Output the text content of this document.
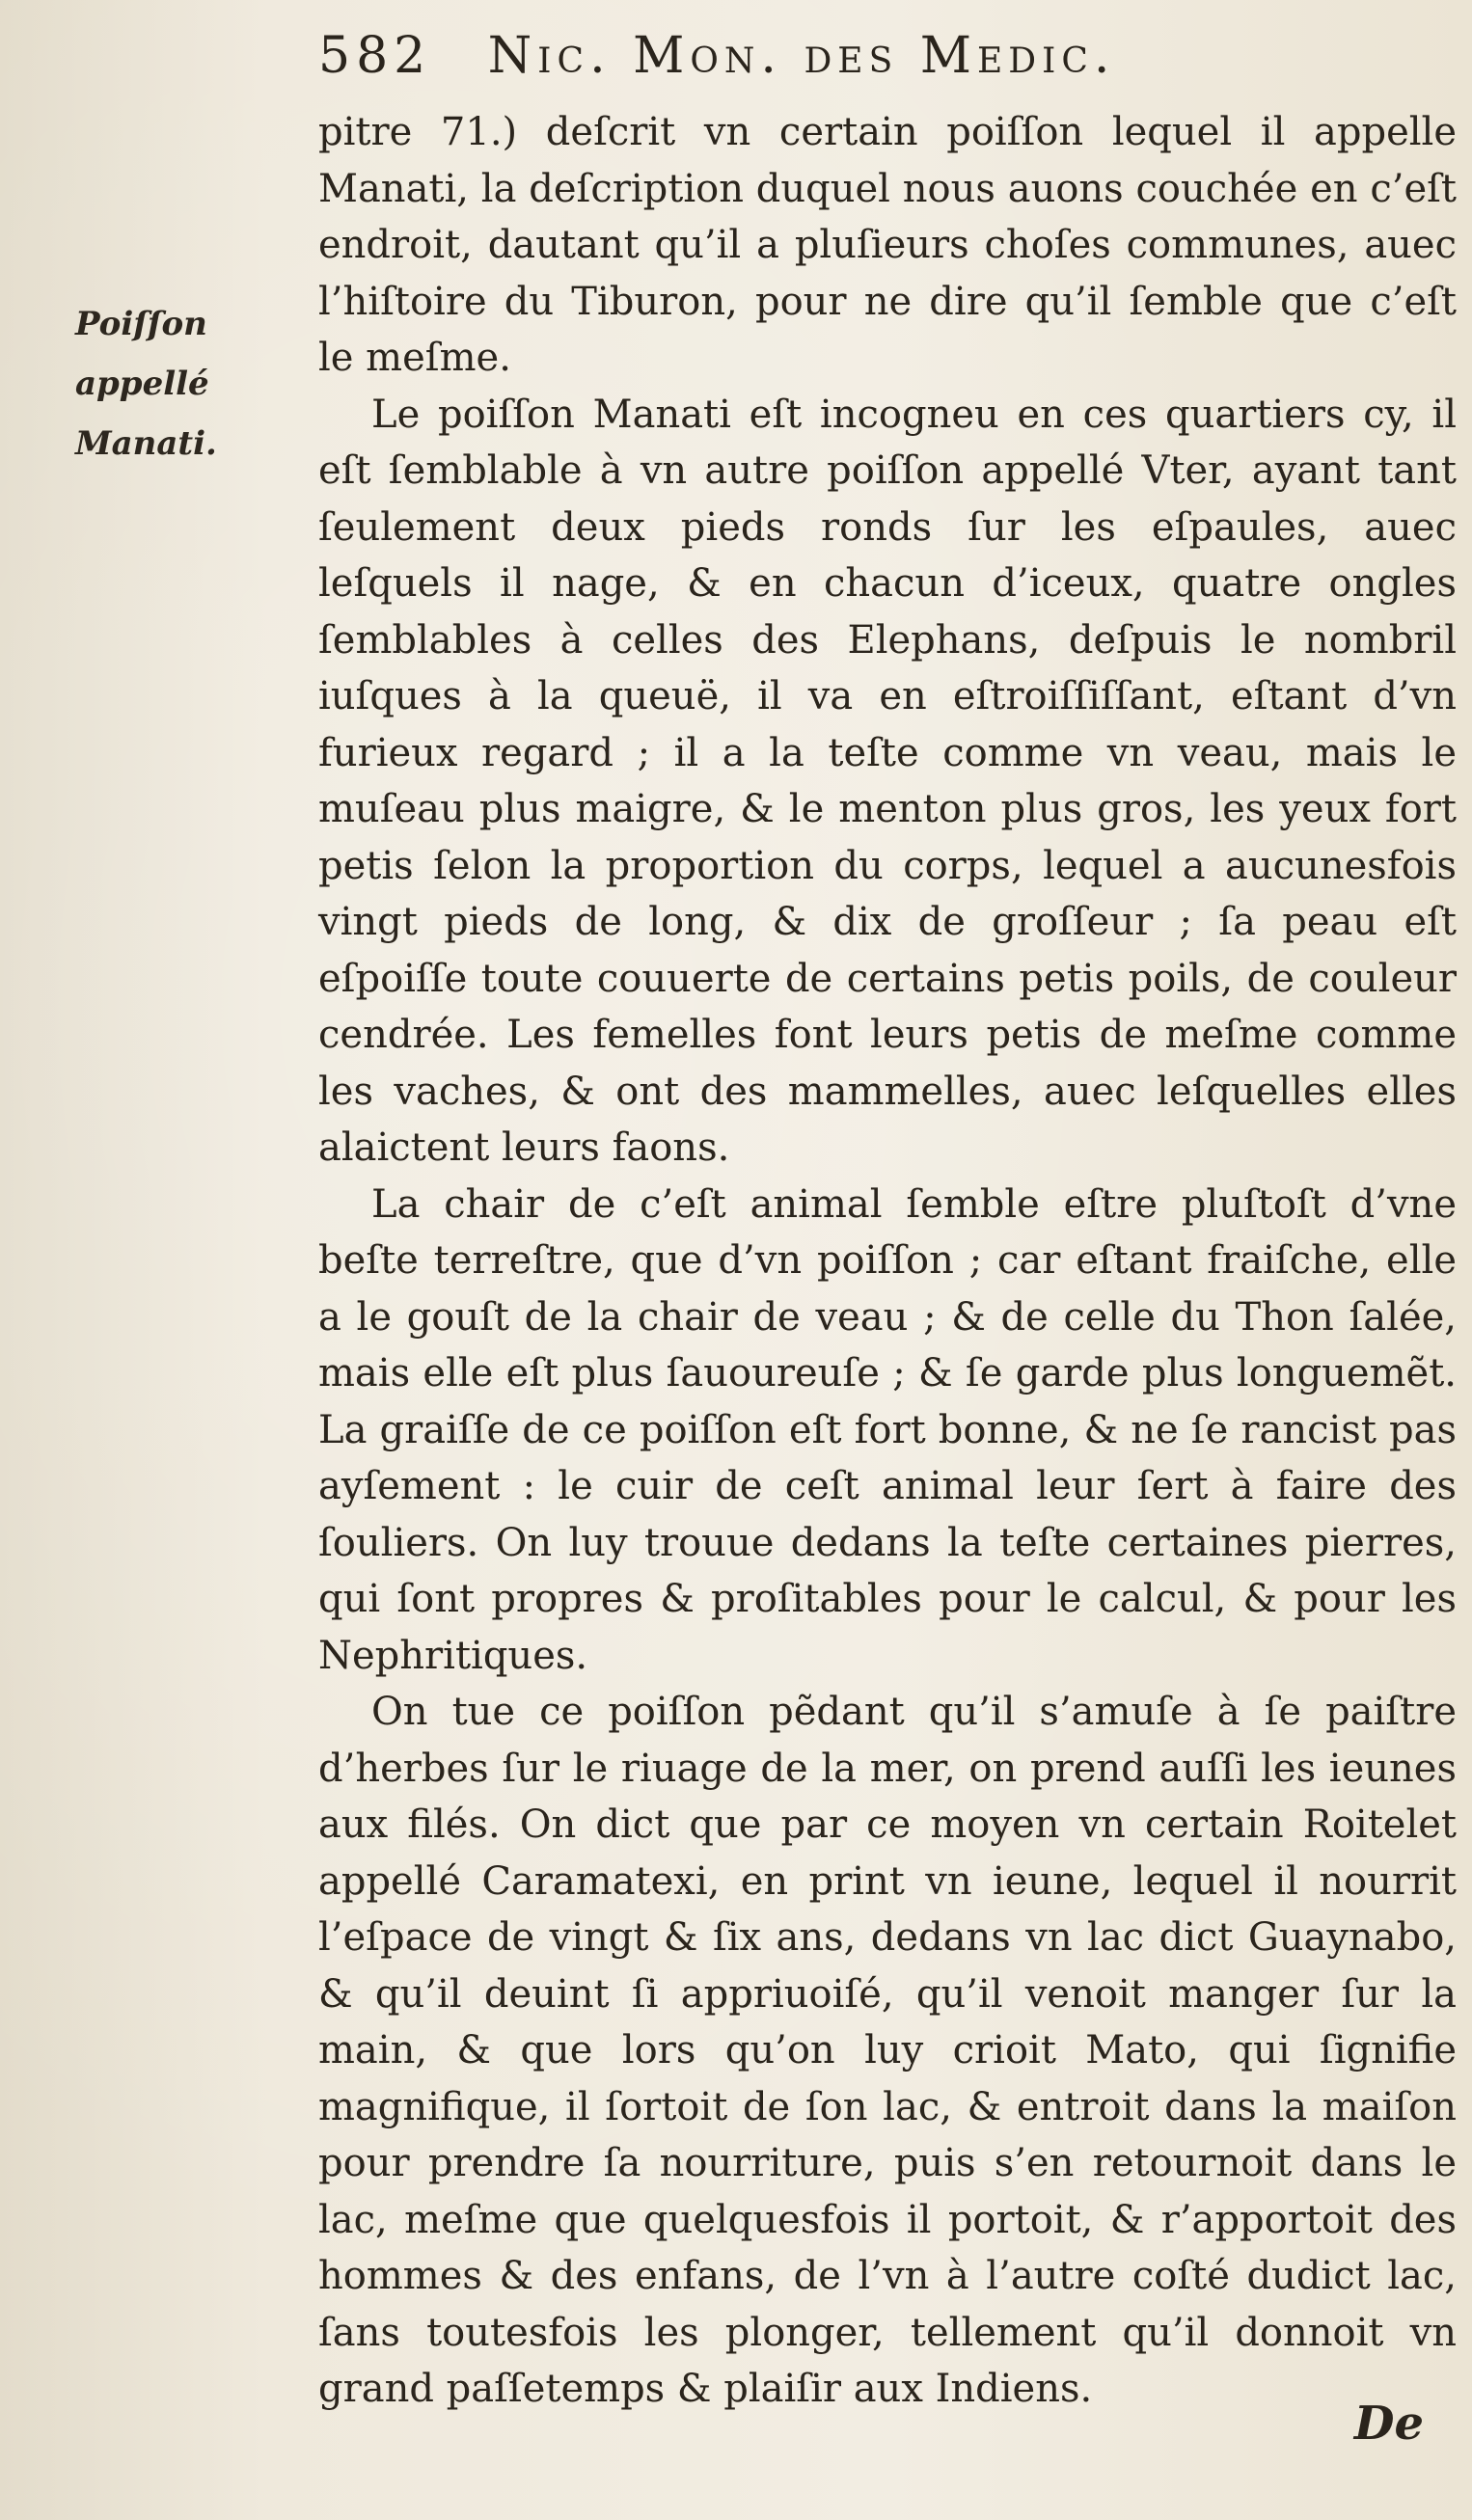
582 Nic. Mon. des Medic.
Poiſſon appellé Manati.

pitre 71.) deſcrit vn certain poiſſon lequel il appelle Manati, la deſcription duquel nous auons couchée en c’eſt endroit, dautant qu’il a pluſieurs choſes communes, auec l’hiſtoire du Tiburon, pour ne dire qu’il ſemble que c’eſt le meſme.

Le poiſſon Manati eſt incogneu en ces quartiers cy, il eſt ſemblable à vn autre poiſſon appellé Vter, ayant tant ſeulement deux pieds ronds ſur les eſpaules, auec leſquels il nage, & en chacun d’iceux, quatre ongles ſemblables à celles des Elephans, deſpuis le nombril iuſques à la queuë, il va en eſtroiſſiſſant, eſtant d’vn furieux regard ; il a la teſte comme vn veau, mais le muſeau plus maigre, & le menton plus gros, les yeux fort petis ſelon la proportion du corps, lequel a aucunesfois vingt pieds de long, & dix de groſſeur ; ſa peau eſt eſpoiſſe toute couuerte de certains petis poils, de couleur cendrée. Les femelles font leurs petis de meſme comme les vaches, & ont des mammelles, auec leſquelles elles alaictent leurs faons.

La chair de c’eſt animal ſemble eſtre pluſtoſt d’vne beſte terreſtre, que d’vn poiſſon ; car eſtant fraiſche, elle a le gouſt de la chair de veau ; & de celle du Thon ſalée, mais elle eſt plus ſauoureuſe ; & ſe garde plus longuemẽt. La graiſſe de ce poiſſon eſt fort bonne, & ne ſe rancist pas ayſement : le cuir de ceſt animal leur ſert à faire des ſouliers. On luy trouue dedans la teſte certaines pierres, qui ſont propres & proſitables pour le calcul, & pour les Nephritiques.

On tue ce poiſſon pẽdant qu’il s’amuſe à ſe paiſtre d’herbes ſur le riuage de la mer, on prend auſſi les ieunes aux filés. On dict que par ce moyen vn certain Roitelet appellé Caramatexi, en print vn ieune, lequel il nourrit l’eſpace de vingt & ſix ans, dedans vn lac dict Guaynabo, & qu’il deuint ſi appriuoiſé, qu’il venoit manger ſur la main, & que lors qu’on luy crioit Mato, qui ſignifie magnifique, il ſortoit de ſon lac, & entroit dans la maiſon pour prendre ſa nourriture, puis s’en retournoit dans le lac, meſme que quelquesfois il portoit, & r’apportoit des hommes & des enfans, de l’vn à l’autre coſté dudict lac, ſans toutesfois les plonger, tellement qu’il donnoit vn grand paſſetemps & plaiſir aux Indiens.

De
